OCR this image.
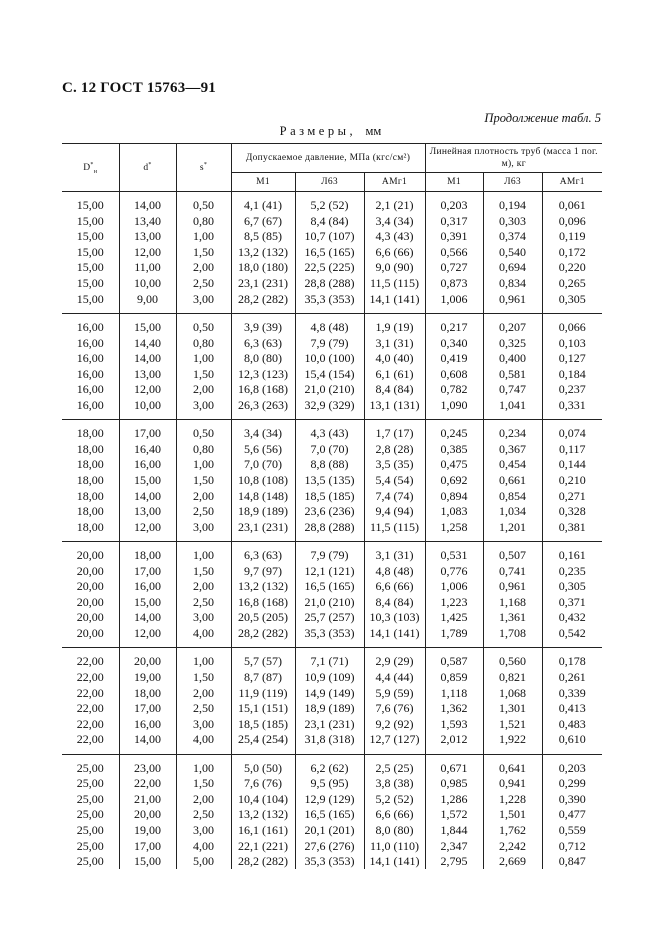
С. 12 ГОСТ 15763—91
Продолжение табл. 5
Размеры, мм
$D^*_н$	d*	s*	Допускаемое давление, МПа (кгс/см²)			Линейная плотность труб (масса 1 пог. м), кг		
			М1	Л63	АМг1	М1	Л63	АМг1
15,00	14,00	0,50	4,1 (41)	5,2 (52)	2,1 (21)	0,203	0,194	0,061
15,00	13,40	0,80	6,7 (67)	8,4 (84)	3,4 (34)	0,317	0,303	0,096
15,00	13,00	1,00	8,5 (85)	10,7 (107)	4,3 (43)	0,391	0,374	0,119
15,00	12,00	1,50	13,2 (132)	16,5 (165)	6,6 (66)	0,566	0,540	0,172
15,00	11,00	2,00	18,0 (180)	22,5 (225)	9,0 (90)	0,727	0,694	0,220
15,00	10,00	2,50	23,1 (231)	28,8 (288)	11,5 (115)	0,873	0,834	0,265
15,00	9,00	3,00	28,2 (282)	35,3 (353)	14,1 (141)	1,006	0,961	0,305
16,00	15,00	0,50	3,9 (39)	4,8 (48)	1,9 (19)	0,217	0,207	0,066
16,00	14,40	0,80	6,3 (63)	7,9 (79)	3,1 (31)	0,340	0,325	0,103
16,00	14,00	1,00	8,0 (80)	10,0 (100)	4,0 (40)	0,419	0,400	0,127
16,00	13,00	1,50	12,3 (123)	15,4 (154)	6,1 (61)	0,608	0,581	0,184
16,00	12,00	2,00	16,8 (168)	21,0 (210)	8,4 (84)	0,782	0,747	0,237
16,00	10,00	3,00	26,3 (263)	32,9 (329)	13,1 (131)	1,090	1,041	0,331
18,00	17,00	0,50	3,4 (34)	4,3 (43)	1,7 (17)	0,245	0,234	0,074
18,00	16,40	0,80	5,6 (56)	7,0 (70)	2,8 (28)	0,385	0,367	0,117
18,00	16,00	1,00	7,0 (70)	8,8 (88)	3,5 (35)	0,475	0,454	0,144
18,00	15,00	1,50	10,8 (108)	13,5 (135)	5,4 (54)	0,692	0,661	0,210
18,00	14,00	2,00	14,8 (148)	18,5 (185)	7,4 (74)	0,894	0,854	0,271
18,00	13,00	2,50	18,9 (189)	23,6 (236)	9,4 (94)	1,083	1,034	0,328
18,00	12,00	3,00	23,1 (231)	28,8 (288)	11,5 (115)	1,258	1,201	0,381
20,00	18,00	1,00	6,3 (63)	7,9 (79)	3,1 (31)	0,531	0,507	0,161
20,00	17,00	1,50	9,7 (97)	12,1 (121)	4,8 (48)	0,776	0,741	0,235
20,00	16,00	2,00	13,2 (132)	16,5 (165)	6,6 (66)	1,006	0,961	0,305
20,00	15,00	2,50	16,8 (168)	21,0 (210)	8,4 (84)	1,223	1,168	0,371
20,00	14,00	3,00	20,5 (205)	25,7 (257)	10,3 (103)	1,425	1,361	0,432
20,00	12,00	4,00	28,2 (282)	35,3 (353)	14,1 (141)	1,789	1,708	0,542
22,00	20,00	1,00	5,7 (57)	7,1 (71)	2,9 (29)	0,587	0,560	0,178
22,00	19,00	1,50	8,7 (87)	10,9 (109)	4,4 (44)	0,859	0,821	0,261
22,00	18,00	2,00	11,9 (119)	14,9 (149)	5,9 (59)	1,118	1,068	0,339
22,00	17,00	2,50	15,1 (151)	18,9 (189)	7,6 (76)	1,362	1,301	0,413
22,00	16,00	3,00	18,5 (185)	23,1 (231)	9,2 (92)	1,593	1,521	0,483
22,00	14,00	4,00	25,4 (254)	31,8 (318)	12,7 (127)	2,012	1,922	0,610
25,00	23,00	1,00	5,0 (50)	6,2 (62)	2,5 (25)	0,671	0,641	0,203
25,00	22,00	1,50	7,6 (76)	9,5 (95)	3,8 (38)	0,985	0,941	0,299
25,00	21,00	2,00	10,4 (104)	12,9 (129)	5,2 (52)	1,286	1,228	0,390
25,00	20,00	2,50	13,2 (132)	16,5 (165)	6,6 (66)	1,572	1,501	0,477
25,00	19,00	3,00	16,1 (161)	20,1 (201)	8,0 (80)	1,844	1,762	0,559
25,00	17,00	4,00	22,1 (221)	27,6 (276)	11,0 (110)	2,347	2,242	0,712
25,00	15,00	5,00	28,2 (282)	35,3 (353)	14,1 (141)	2,795	2,669	0,847
